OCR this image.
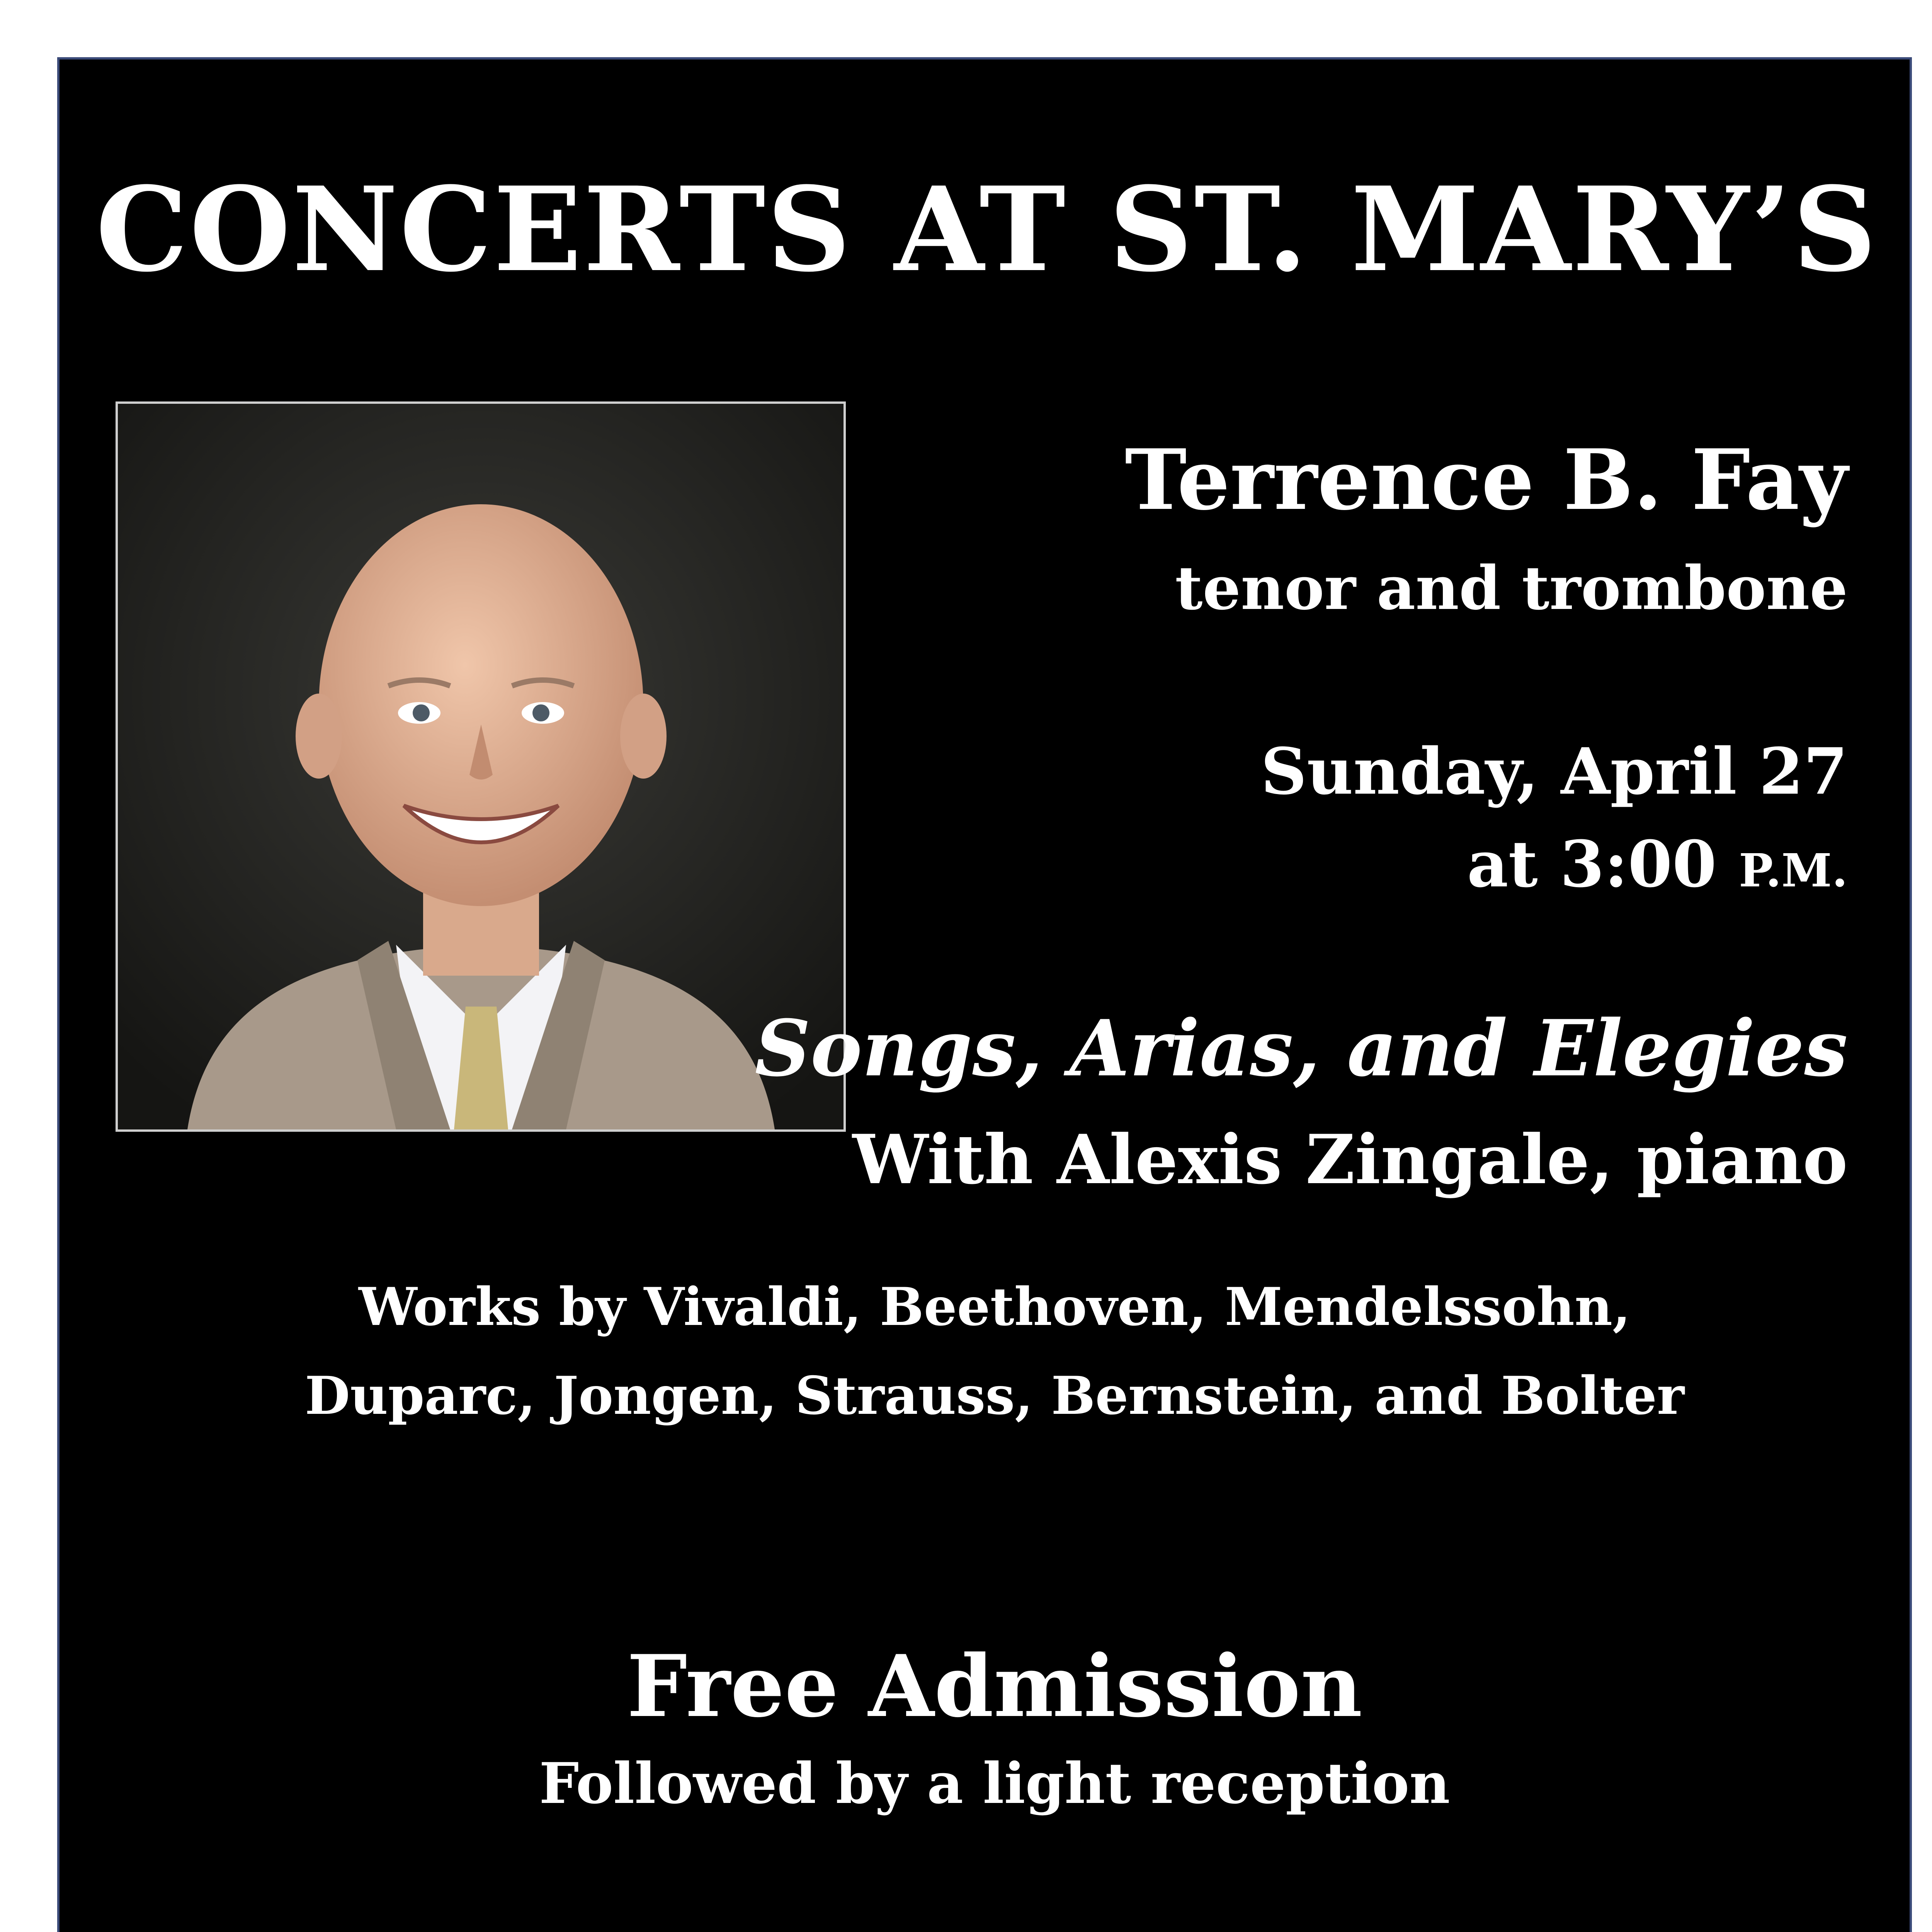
CONCERTS AT ST. MARY’S
Terrence B. Fay
tenor and trombone
Sunday, April 27
at 3:00 P.M.
Songs, Arias, and Elegies
With Alexis Zingale, piano
Works by Vivaldi, Beethoven, Mendelssohn,
Duparc, Jongen, Strauss, Bernstein, and Bolter
Free Admission
Followed by a light reception
